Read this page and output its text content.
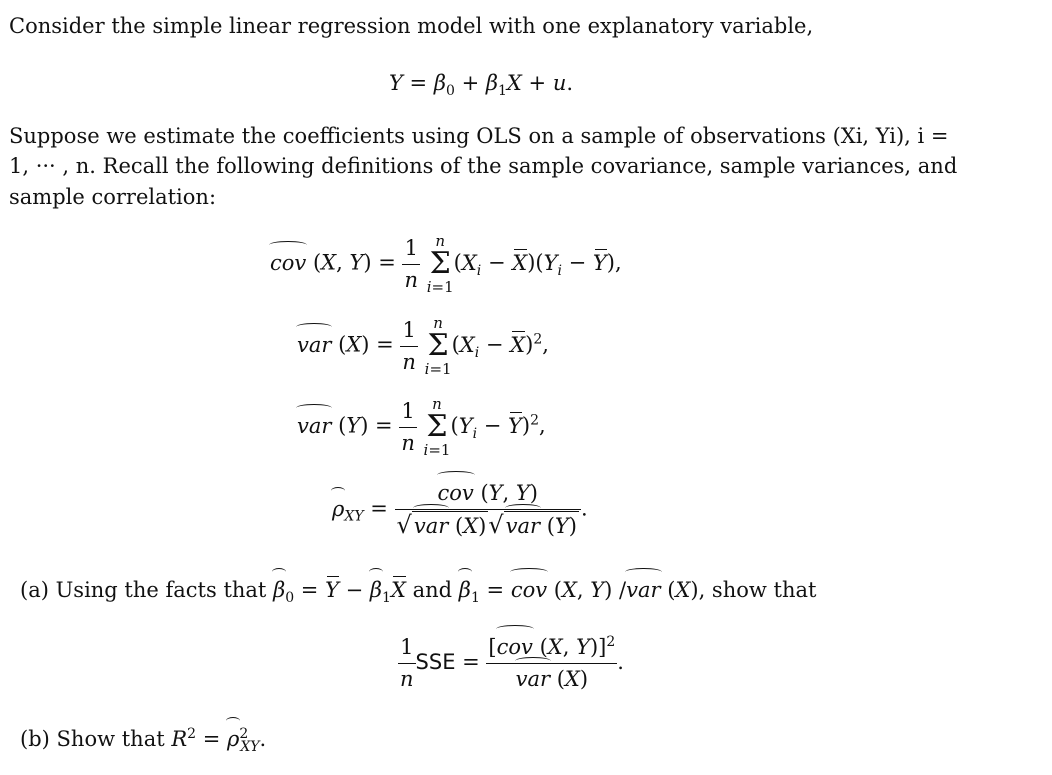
Consider the simple linear regression model with one explanatory variable,
$Y = \beta_0 + \beta_1X + u$.
Suppose we estimate the coefficients using OLS on a sample of observations (Xi, Yi), i =
1, ··· , n. Recall the following definitions of the sample covariance, sample variances, and
sample correlation:
cov (X, $Y) = \frac{1}{n}$
	n
Σ
i=1
$(X_i - X)(Y_i - Y)$,
var $(X) = \frac{1}{n}$
	n
Σ
i=1
$(X_i - X)^2$,
var $(Y) = \frac{1}{n}$
	n
Σ
i=1
$(Y_i - Y)^2$,
$\rho_{XY} = \frac{\text{cov (Y, Y)}}{\text{√var (X)√var (Y)}}$ .
(a) Using the facts that $\beta_0 = Y - \beta_1X$ and $\beta_1$ = cov (X, Y) /var (X), show that
$\frac{1}{n}$ SSE = $\frac{[cov (X, Y)]^2}{\text{var (X)}}$ .
(b) Show that $R^2 = \rho^2_{XY}$.
